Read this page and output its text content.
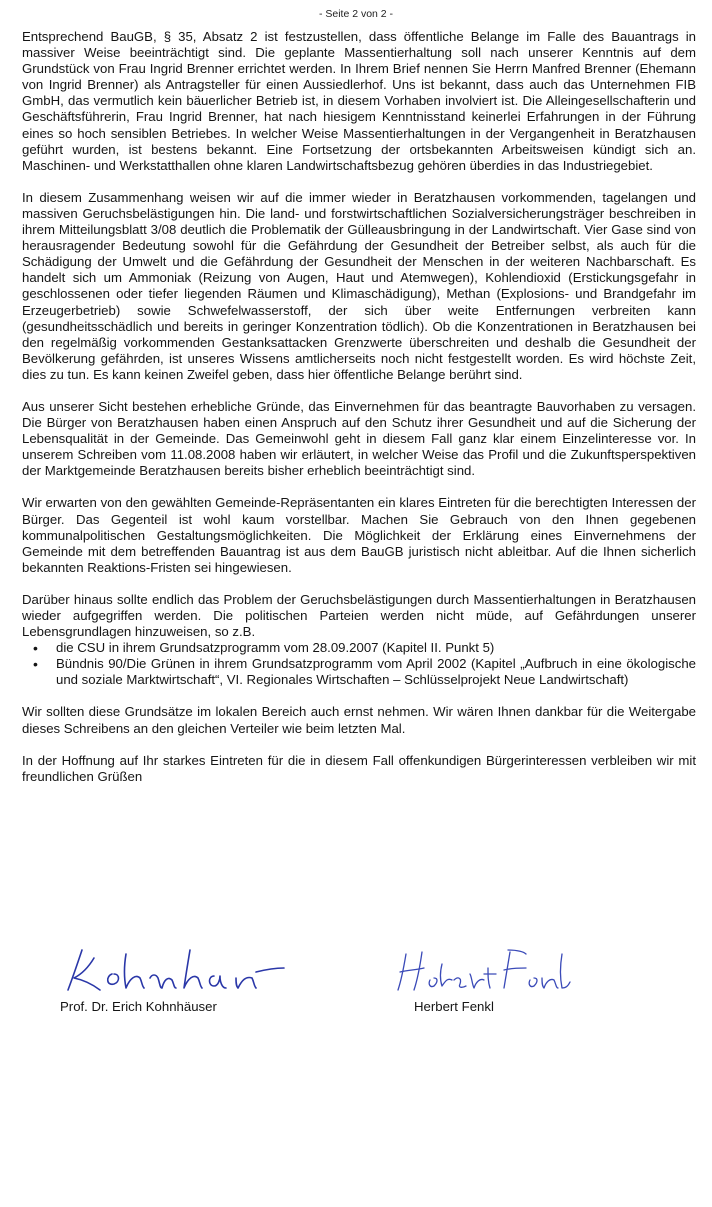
- Seite 2 von 2 -

Entsprechend BauGB, § 35, Absatz 2 ist festzustellen, dass öffentliche Belange im Falle des Bauantrags in massiver Weise beeinträchtigt sind. Die geplante Massentierhaltung soll nach unserer Kenntnis auf dem Grundstück von Frau Ingrid Brenner errichtet werden. In Ihrem Brief nennen Sie Herrn Manfred Brenner (Ehemann von Ingrid Brenner) als Antragsteller für einen Aussiedlerhof. Uns ist bekannt, dass auch das Unternehmen FIB GmbH, das vermutlich kein bäuerlicher Betrieb ist, in diesem Vorhaben involviert ist. Die Alleingesellschafterin und Geschäftsführerin, Frau Ingrid Brenner, hat nach hiesigem Kenntnisstand keinerlei Erfahrungen in der Führung eines so hoch sensiblen Betriebes. In welcher Weise Massentierhaltungen in der Vergangenheit in Beratzhausen geführt wurden, ist bestens bekannt. Eine Fortsetzung der ortsbekannten Arbeitsweisen kündigt sich an. Maschinen- und Werkstatthallen ohne klaren Landwirtschaftsbezug gehören überdies in das Industriegebiet.

In diesem Zusammenhang weisen wir auf die immer wieder in Beratzhausen vorkommenden, tagelangen und massiven Geruchsbelästigungen hin. Die land- und forstwirtschaftlichen Sozialversicherungsträger beschreiben in ihrem Mitteilungsblatt 3/08 deutlich die Problematik der Gülleausbringung in der Landwirtschaft. Vier Gase sind von herausragender Bedeutung sowohl für die Gefährdung der Gesundheit der Betreiber selbst, als auch für die Schädigung der Umwelt und die Gefährdung der Gesundheit der Menschen in der weiteren Nachbarschaft. Es handelt sich um Ammoniak (Reizung von Augen, Haut und Atemwegen), Kohlendioxid (Erstickungsgefahr in geschlossenen oder tiefer liegenden Räumen und Klimaschädigung), Methan (Explosions- und Brandgefahr im Erzeugerbetrieb) sowie Schwefelwasserstoff, der sich über weite Entfernungen verbreiten kann (gesundheitsschädlich und bereits in geringer Konzentration tödlich). Ob die Konzentrationen in Beratzhausen bei den regelmäßig vorkommenden Gestanksattacken Grenzwerte überschreiten und deshalb die Gesundheit der Bevölkerung gefährden, ist unseres Wissens amtlicherseits noch nicht festgestellt worden. Es wird höchste Zeit, dies zu tun. Es kann keinen Zweifel geben, dass hier öffentliche Belange berührt sind.

Aus unserer Sicht bestehen erhebliche Gründe, das Einvernehmen für das beantragte Bauvorhaben zu versagen. Die Bürger von Beratzhausen haben einen Anspruch auf den Schutz ihrer Gesundheit und auf die Sicherung der Lebensqualität in der Gemeinde. Das Gemeinwohl geht in diesem Fall ganz klar einem Einzelinteresse vor. In unserem Schreiben vom 11.08.2008 haben wir erläutert, in welcher Weise das Profil und die Zukunftsperspektiven der Marktgemeinde Beratzhausen bereits bisher erheblich beeinträchtigt sind.

Wir erwarten von den gewählten Gemeinde-Repräsentanten ein klares Eintreten für die berechtigten Interessen der Bürger. Das Gegenteil ist wohl kaum vorstellbar. Machen Sie Gebrauch von den Ihnen gegebenen kommunalpolitischen Gestaltungsmöglichkeiten. Die Möglichkeit der Erklärung eines Einvernehmens der Gemeinde mit dem betreffenden Bauantrag ist aus dem BauGB juristisch nicht ableitbar. Auf die Ihnen sicherlich bekannten Reaktions-Fristen sei hingewiesen.

Darüber hinaus sollte endlich das Problem der Geruchsbelästigungen durch Massentierhaltungen in Beratzhausen wieder aufgegriffen werden. Die politischen Parteien werden nicht müde, auf Gefährdungen unserer Lebensgrundlagen hinzuweisen, so z.B.

• die CSU in ihrem Grundsatzprogramm vom 28.09.2007 (Kapitel II. Punkt 5)
• Bündnis 90/Die Grünen in ihrem Grundsatzprogramm vom April 2002 (Kapitel „Aufbruch in eine ökologische und soziale Marktwirtschaft“, VI. Regionales Wirtschaften – Schlüsselprojekt Neue Landwirtschaft)

Wir sollten diese Grundsätze im lokalen Bereich auch ernst nehmen. Wir wären Ihnen dankbar für die Weitergabe dieses Schreibens an den gleichen Verteiler wie beim letzten Mal.

In der Hoffnung auf Ihr starkes Eintreten für die in diesem Fall offenkundigen Bürgerinteressen verbleiben wir mit freundlichen Grüßen

Prof. Dr. Erich Kohnhäuser	Herbert Fenkl
